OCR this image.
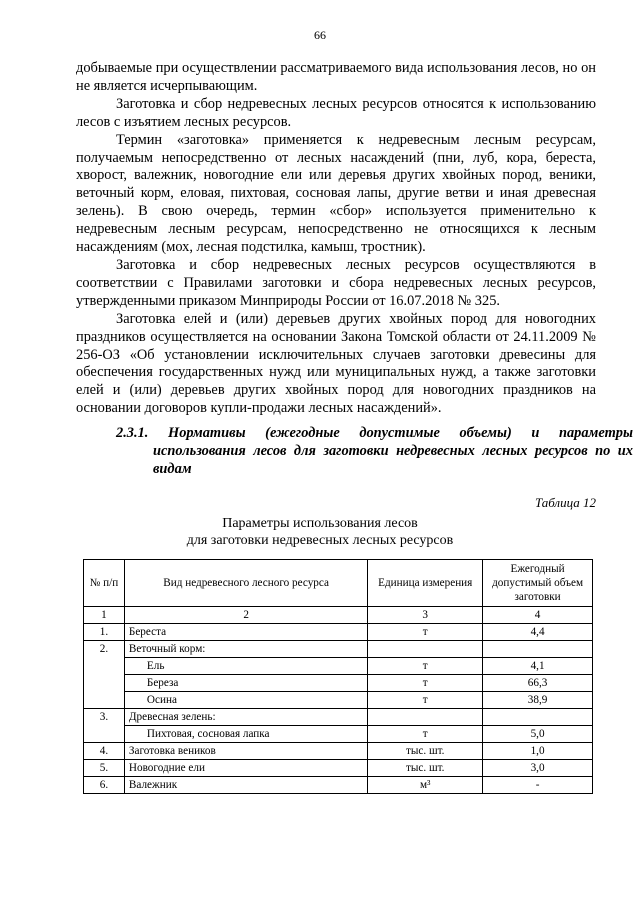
66

добываемые при осуществлении рассматриваемого вида использования лесов, но он не является исчерпывающим.

Заготовка и сбор недревесных лесных ресурсов относятся к использованию лесов с изъятием лесных ресурсов.

Термин «заготовка» применяется к недревесным лесным ресурсам, получаемым непосредственно от лесных насаждений (пни, луб, кора, береста, хворост, валежник, новогодние ели или деревья других хвойных пород, веники, веточный корм, еловая, пихтовая, сосновая лапы, другие ветви и иная древесная зелень). В свою очередь, термин «сбор» используется применительно к недревесным лесным ресурсам, непосредственно не относящихся к лесным насаждениям (мох, лесная подстилка, камыш, тростник).

Заготовка и сбор недревесных лесных ресурсов осуществляются в соответствии с Правилами заготовки и сбора недревесных лесных ресурсов, утвержденными приказом Минприроды России от 16.07.2018 № 325.

Заготовка елей и (или) деревьев других хвойных пород для новогодних праздников осуществляется на основании Закона Томской области от 24.11.2009 № 256-ОЗ «Об установлении исключительных случаев заготовки древесины для обеспечения государственных нужд или муниципальных нужд, а также заготовки елей и (или) деревьев других хвойных пород для новогодних праздников на основании договоров купли-продажи лесных насаждений».

2.3.1. Нормативы (ежегодные допустимые объемы) и параметры использования лесов для заготовки недревесных лесных ресурсов по их видам
Таблица 12
Параметры использования лесов
для заготовки недревесных лесных ресурсов
№ п/п	Вид недревесного лесного ресурса	Единица измерения	Ежегодный допустимый объем заготовки
1	2	3	4
1.	Береста	т	4,4
2.	Веточный корм:		
	Ель	т	4,1
	Береза	т	66,3
	Осина	т	38,9
3.	Древесная зелень:		
	Пихтовая, сосновая лапка	т	5,0
4.	Заготовка веников	тыс. шт.	1,0
5.	Новогодние ели	тыс. шт.	3,0
6.	Валежник	м³	-
